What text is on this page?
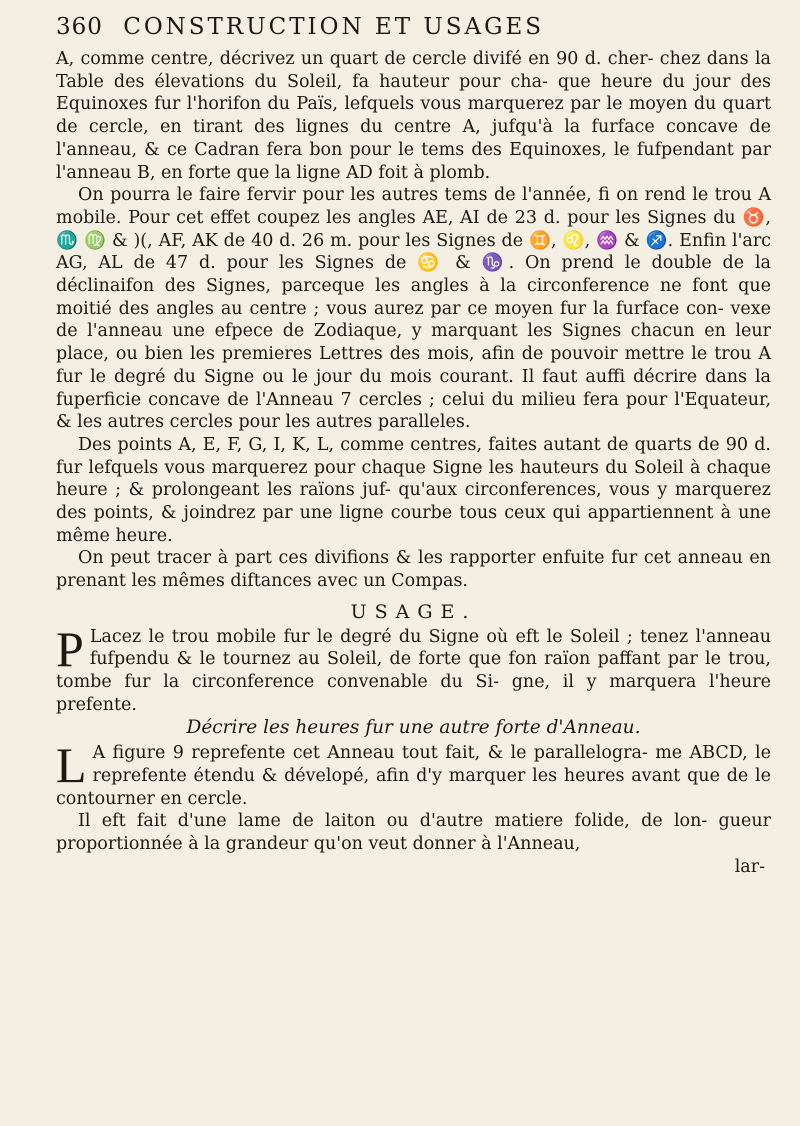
360 CONSTRUCTION ET USAGES

A, comme centre, décrivez un quart de cercle divifé en 90 d. cher- chez dans la Table des élevations du Soleil, fa hauteur pour cha- que heure du jour des Equinoxes fur l'horifon du Païs, lefquels vous marquerez par le moyen du quart de cercle, en tirant des lignes du centre A, jufqu'à la furface concave de l'anneau, & ce Cadran fera bon pour le tems des Equinoxes, le fufpendant par l'anneau B, en forte que la ligne AD foit à plomb.

On pourra le faire fervir pour les autres tems de l'année, fi on rend le trou A mobile. Pour cet effet coupez les angles AE, AI de 23 d. pour les Signes du ♉, ♏ ♍ & )(, AF, AK de 40 d. 26 m. pour les Signes de ♊, ♌, ♒ & ♐. Enfin l'arc AG, AL de 47 d. pour les Signes de ♋ & ♑. On prend le double de la déclinaifon des Signes, parceque les angles à la circonference ne font que moitié des angles au centre ; vous aurez par ce moyen fur la furface con- vexe de l'anneau une efpece de Zodiaque, y marquant les Signes chacun en leur place, ou bien les premieres Lettres des mois, afin de pouvoir mettre le trou A fur le degré du Signe ou le jour du mois courant. Il faut auffi décrire dans la fuperficie concave de l'Anneau 7 cercles ; celui du milieu fera pour l'Equateur, & les autres cercles pour les autres paralleles.

Des points A, E, F, G, I, K, L, comme centres, faites autant de quarts de 90 d. fur lefquels vous marquerez pour chaque Signe les hauteurs du Soleil à chaque heure ; & prolongeant les raïons juf- qu'aux circonferences, vous y marquerez des points, & joindrez par une ligne courbe tous ceux qui appartiennent à une même heure.

On peut tracer à part ces divifions & les rapporter enfuite fur cet anneau en prenant les mêmes diftances avec un Compas.

USAGE.

P Lacez le trou mobile fur le degré du Signe où eft le Soleil ; tenez l'anneau fufpendu & le tournez au Soleil, de forte que fon raïon paffant par le trou, tombe fur la circonference convenable du Si- gne, il y marquera l'heure prefente.

Décrire les heures fur une autre forte d'Anneau.

L A figure 9 reprefente cet Anneau tout fait, & le parallelogra- me ABCD, le reprefente étendu & dévelopé, afin d'y marquer les heures avant que de le contourner en cercle.

Il eft fait d'une lame de laiton ou d'autre matiere folide, de lon- gueur proportionnée à la grandeur qu'on veut donner à l'Anneau,

lar-
